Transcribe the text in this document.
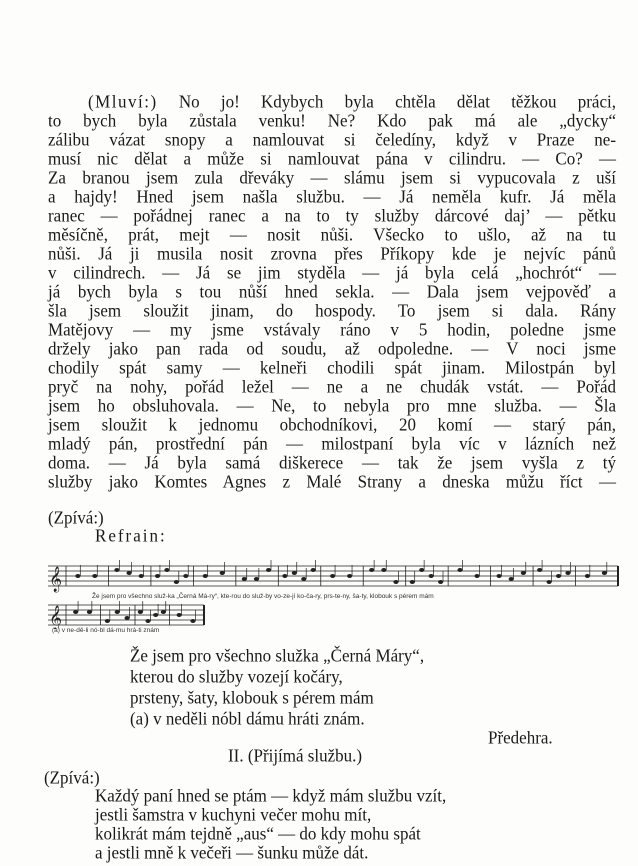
(Mluví:) No jo! Kdybych byla chtěla dělat těžkou práci,
to bych byla zůstala venku! Ne? Kdo pak má ale „dycky“
zálibu vázat snopy a namlouvat si čeledíny, když v Praze ne-
musí nic dělat a může si namlouvat pána v cilindru. — Co? —
Za branou jsem zula dřeváky — slámu jsem si vypucovala z uší
a hajdy! Hned jsem našla službu. — Já neměla kufr. Já měla
ranec — pořádnej ranec a na to ty služby dárcové daj’ — pětku
měsíčně, prát, mejt — nosit nůši. Všecko to ušlo, až na tu
nůši. Já ji musila nosit zrovna přes Příkopy kde je nejvíc pánů
v cilindrech. — Já se jim styděla — já byla celá „hochrót“ —
já bych byla s tou nůší hned sekla. — Dala jsem vejpověď a
šla jsem sloužit jinam, do hospody. To jsem si dala. Rány
Matějovy — my jsme vstávaly ráno v 5 hodin, poledne jsme
držely jako pan rada od soudu, až odpoledne. — V noci jsme
chodily spát samy — kelneři chodili spát jinam. Milostpán byl
pryč na nohy, pořád ležel — ne a ne chudák vstát. — Pořád
jsem ho obsluhovala. — Ne, to nebyla pro mne služba. — Šla
jsem sloužit k jednomu obchodníkovi, 20 komí — starý pán,
mladý pán, prostřední pán — milostpaní byla víc v lázních než
doma. — Já byla samá diškerece — tak že jsem vyšla z tý
služby jako Komtes Agnes z Malé Strany a dneska můžu říct —
(Zpívá:)
Refrain:
𝄞
Že jsem pro všechno služ-ka „Černá Má-ry“, kte-rou do služ-by vo-ze-jí ko-ča-ry, prs-te-ny, ša-ty, klobouk s pérem mám
𝄞
(a) v ne-dě-li nó-bl dá-mu hrá-ti znám
Že jsem pro všechno služka „Černá Máry“,
kterou do služby vozejí kočáry,
prsteny, šaty, klobouk s pérem mám
(a) v neděli nóbl dámu hráti znám.
Předehra.
II. (Přijímá službu.)
(Zpívá:)
Každý paní hned se ptám — když mám službu vzít,
jestli šamstra v kuchyni večer mohu mít,
kolikrát mám tejdně „aus“ — do kdy mohu spát
a jestli mně k večeři — šunku může dát.
